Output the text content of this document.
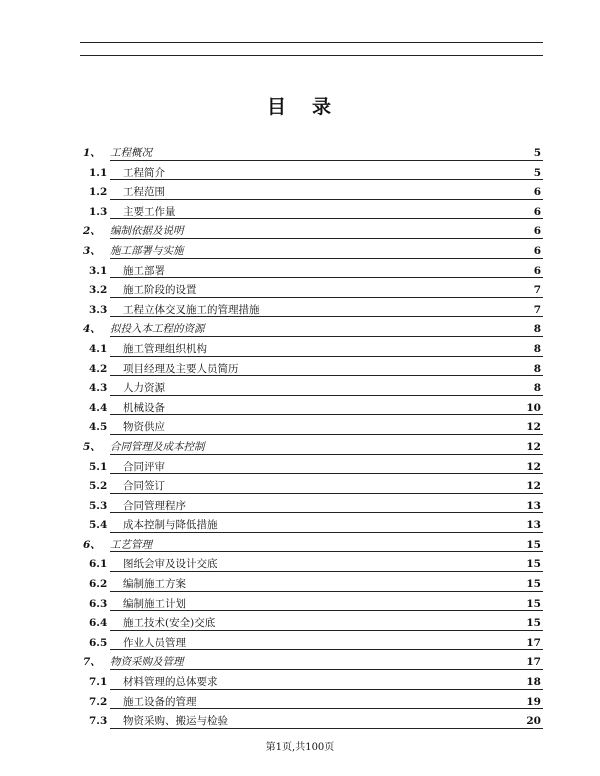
目 录
1、 工程概况	5
1.1 工程简介	5
1.2 工程范围	6
1.3 主要工作量	6
2、 编制依据及说明	6
3、 施工部署与实施	6
3.1 施工部署	6
3.2 施工阶段的设置	7
3.3 工程立体交叉施工的管理措施	7
4、 拟投入本工程的资源	8
4.1 施工管理组织机构	8
4.2 项目经理及主要人员简历	8
4.3 人力资源	8
4.4 机械设备	10
4.5 物资供应	12
5、 合同管理及成本控制	12
5.1 合同评审	12
5.2 合同签订	12
5.3 合同管理程序	13
5.4 成本控制与降低措施	13
6、 工艺管理	15
6.1 图纸会审及设计交底	15
6.2 编制施工方案	15
6.3 编制施工计划	15
6.4 施工技术(安全)交底	15
6.5 作业人员管理	17
7、 物资采购及管理	17
7.1 材料管理的总体要求	18
7.2 施工设备的管理	19
7.3 物资采购、搬运与检验	20
第1页,共100页
